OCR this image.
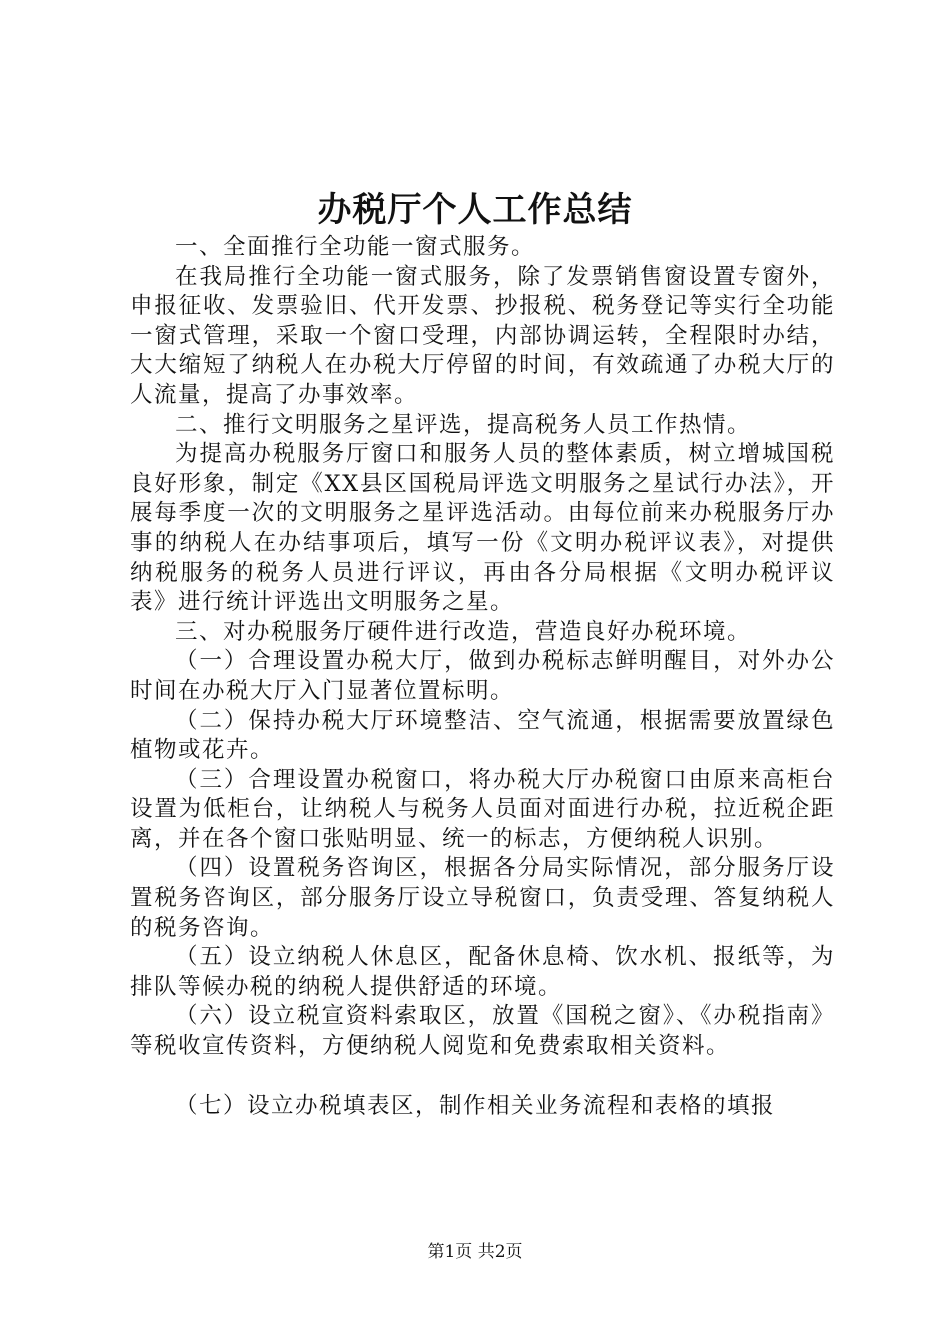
办税厅个人工作总结

一、全面推行全功能一窗式服务。

在我局推行全功能一窗式服务，除了发票销售窗设置专窗外，申报征收、发票验旧、代开发票、抄报税、税务登记等实行全功能一窗式管理，采取一个窗口受理，内部协调运转，全程限时办结，大大缩短了纳税人在办税大厅停留的时间，有效疏通了办税大厅的人流量，提高了办事效率。

二、推行文明服务之星评选，提高税务人员工作热情。

为提高办税服务厅窗口和服务人员的整体素质，树立增城国税良好形象，制定《XX县区国税局评选文明服务之星试行办法》，开展每季度一次的文明服务之星评选活动。由每位前来办税服务厅办事的纳税人在办结事项后，填写一份《文明办税评议表》，对提供纳税服务的税务人员进行评议，再由各分局根据《文明办税评议表》进行统计评选出文明服务之星。

三、对办税服务厅硬件进行改造，营造良好办税环境。

（一）合理设置办税大厅，做到办税标志鲜明醒目，对外办公时间在办税大厅入门显著位置标明。

（二）保持办税大厅环境整洁、空气流通，根据需要放置绿色植物或花卉。

（三）合理设置办税窗口，将办税大厅办税窗口由原来高柜台设置为低柜台，让纳税人与税务人员面对面进行办税，拉近税企距离，并在各个窗口张贴明显、统一的标志，方便纳税人识别。

（四）设置税务咨询区，根据各分局实际情况，部分服务厅设置税务咨询区，部分服务厅设立导税窗口，负责受理、答复纳税人的税务咨询。

（五）设立纳税人休息区，配备休息椅、饮水机、报纸等，为排队等候办税的纳税人提供舒适的环境。

（六）设立税宣资料索取区，放置《国税之窗》、《办税指南》等税收宣传资料，方便纳税人阅览和免费索取相关资料。

（七）设立办税填表区，制作相关业务流程和表格的填报

第1页 共2页
